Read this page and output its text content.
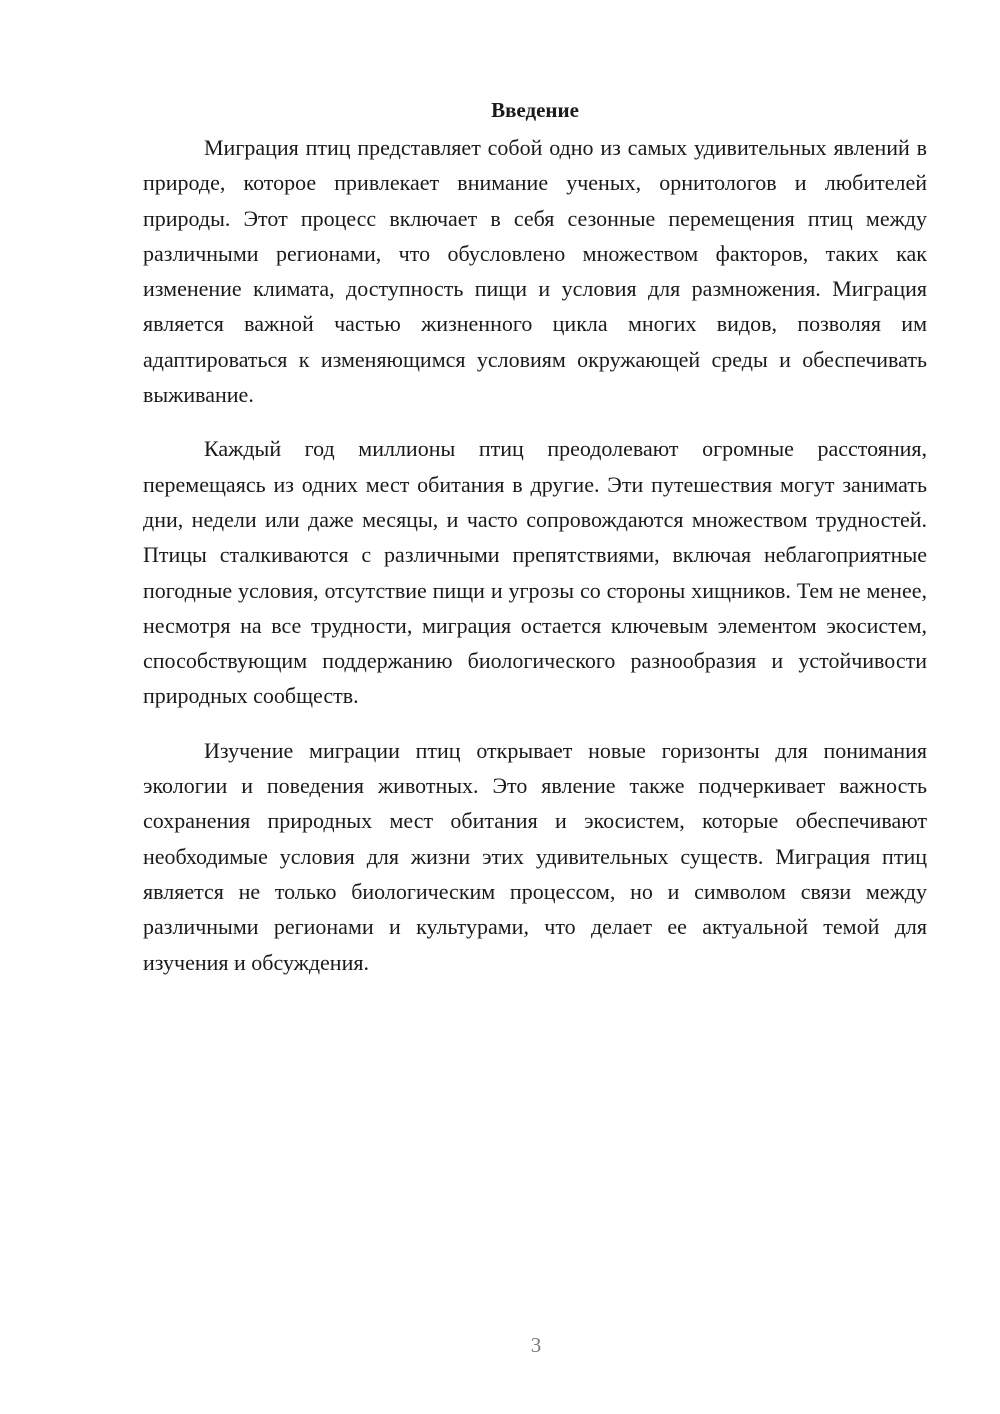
Введение

Миграция птиц представляет собой одно из самых удивительных явлений в природе, которое привлекает внимание ученых, орнитологов и любителей природы. Этот процесс включает в себя сезонные перемещения птиц между различными регионами, что обусловлено множеством факторов, таких как изменение климата, доступность пищи и условия для размножения. Миграция является важной частью жизненного цикла многих видов, позволяя им адаптироваться к изменяющимся условиям окружающей среды и обеспечивать выживание.

Каждый год миллионы птиц преодолевают огромные расстояния, перемещаясь из одних мест обитания в другие. Эти путешествия могут занимать дни, недели или даже месяцы, и часто сопровождаются множеством трудностей. Птицы сталкиваются с различными препятствиями, включая неблагоприятные погодные условия, отсутствие пищи и угрозы со стороны хищников. Тем не менее, несмотря на все трудности, миграция остается ключевым элементом экосистем, способствующим поддержанию биологического разнообразия и устойчивости природных сообществ.

Изучение миграции птиц открывает новые горизонты для понимания экологии и поведения животных. Это явление также подчеркивает важность сохранения природных мест обитания и экосистем, которые обеспечивают необходимые условия для жизни этих удивительных существ. Миграция птиц является не только биологическим процессом, но и символом связи между различными регионами и культурами, что делает ее актуальной темой для изучения и обсуждения.

3
